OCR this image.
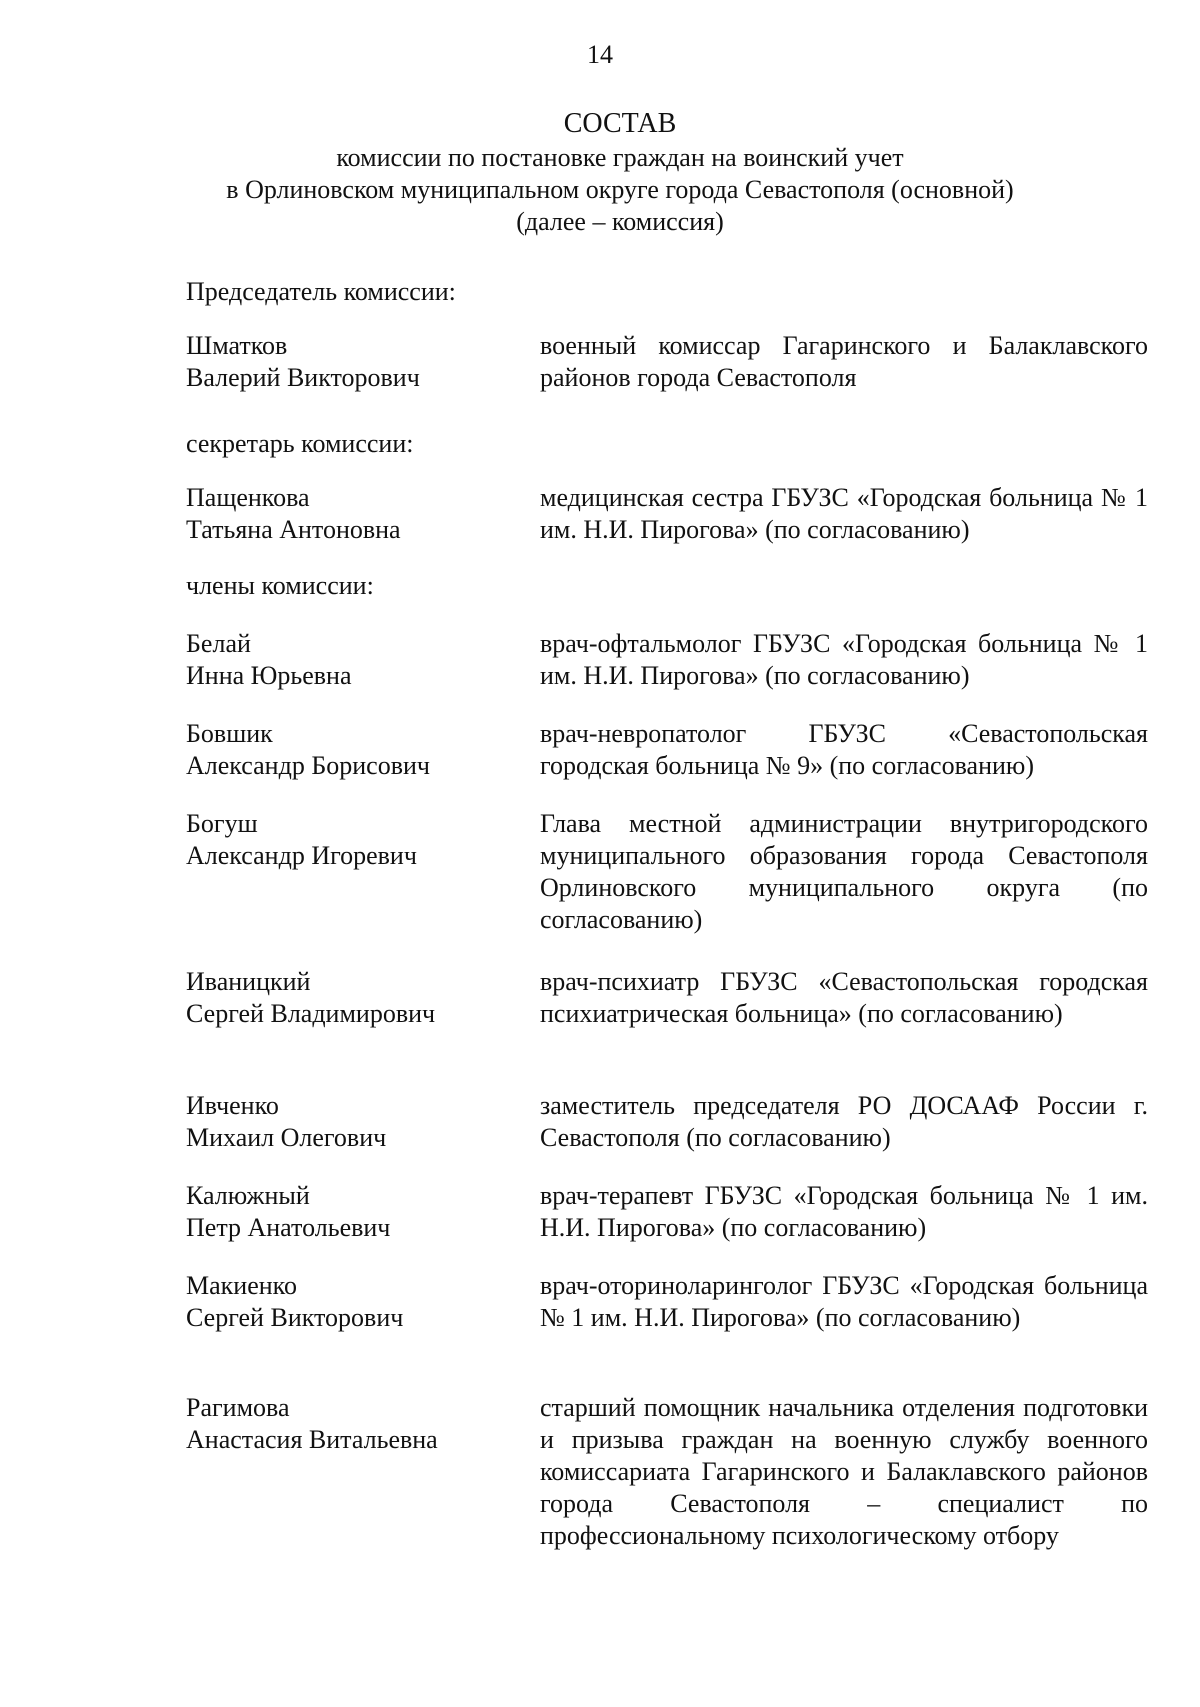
14
СОСТАВ
комиссии по постановке граждан на воинский учет
в Орлиновском муниципальном округе города Севастополя (основной)
(далее – комиссия)
Председатель комиссии:
Шматков
Валерий Викторович
военный комиссар Гагаринского и Балаклавского районов города Севастополя
секретарь комиссии:
Пащенкова
Татьяна Антоновна
медицинская сестра ГБУЗС «Городская больница № 1 им. Н.И. Пирогова» (по согласованию)
члены комиссии:
Белай
Инна Юрьевна
врач-офтальмолог ГБУЗС «Городская больница № 1 им. Н.И. Пирогова» (по согласованию)
Бовшик
Александр Борисович
врач-невропатолог ГБУЗС «Севастопольская городская больница № 9» (по согласованию)
Богуш
Александр Игоревич
Глава местной администрации внутригородского муниципального образования города Севастополя Орлиновского муниципального округа (по согласованию)
Иваницкий
Сергей Владимирович
врач-психиатр ГБУЗС «Севастопольская городская психиатрическая больница» (по согласованию)
Ивченко
Михаил Олегович
заместитель председателя РО ДОСААФ России г. Севастополя (по согласованию)
Калюжный
Петр Анатольевич
врач-терапевт ГБУЗС «Городская больница № 1 им. Н.И. Пирогова» (по согласованию)
Макиенко
Сергей Викторович
врач-оториноларинголог ГБУЗС «Городская больница № 1 им. Н.И. Пирогова» (по согласованию)
Рагимова
Анастасия Витальевна
старший помощник начальника отделения подготовки и призыва граждан на военную службу военного комиссариата Гагаринского и Балаклавского районов города Севастополя – специалист по профессиональному психологическому отбору
